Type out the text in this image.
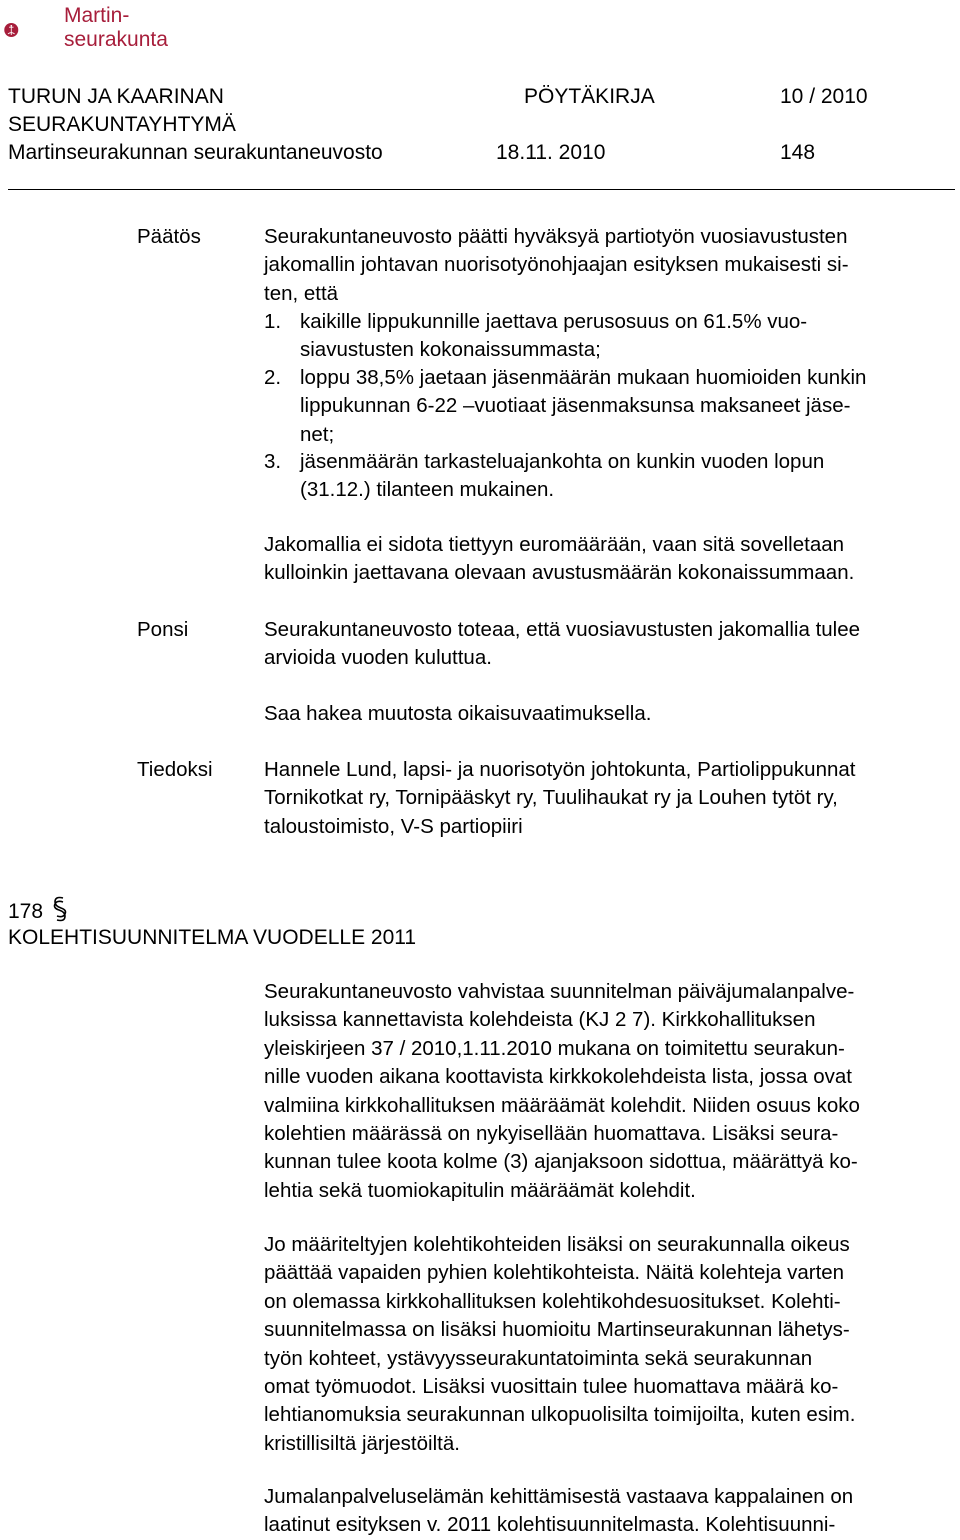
Martin-
seurakunta
TURUN JA KAARINAN	PÖYTÄKIRJA	10 / 2010
SEURAKUNTAYHTYMÄ
Martinseurakunnan seurakuntaneuvosto	18.11. 2010	148
Päätös	Seurakuntaneuvosto päätti hyväksyä partiotyön vuosiavustusten

jakomallin johtavan nuorisotyönohjaajan esityksen mukaisesti si-

ten, että

1. kaikille lippukunnille jaettava perusosuus on 61.5% vuo-

siavustusten kokonaissummasta;

2. loppu 38,5% jaetaan jäsenmäärän mukaan huomioiden kunkin

lippukunnan 6-22 –vuotiaat jäsenmaksunsa maksaneet jäse-

net;

3. jäsenmäärän tarkasteluajankohta on kunkin vuoden lopun

(31.12.) tilanteen mukainen.

Jakomallia ei sidota tiettyyn euromäärään, vaan sitä sovelletaan

kulloinkin jaettavana olevaan avustusmäärän kokonaissummaan.

Ponsi	Seurakuntaneuvosto toteaa, että vuosiavustusten jakomallia tulee

arvioida vuoden kuluttua.

Saa hakea muutosta oikaisuvaatimuksella.

Tiedoksi	Hannele Lund, lapsi- ja nuorisotyön johtokunta, Partiolippukunnat

Tornikotkat ry, Tornipääskyt ry, Tuulihaukat ry ja Louhen tytöt ry,

taloustoimisto, V-S partiopiiri

178
KOLEHTISUUNNITELMA VUODELLE 2011

Seurakuntaneuvosto vahvistaa suunnitelman päiväjumalanpalve-

luksissa kannettavista kolehdeista (KJ 2 7). Kirkkohallituksen

yleiskirjeen 37 / 2010,1.11.2010 mukana on toimitettu seurakun-

nille vuoden aikana koottavista kirkkokolehdeista lista, jossa ovat

valmiina kirkkohallituksen määräämät kolehdit. Niiden osuus koko

kolehtien määrässä on nykyisellään huomattava. Lisäksi seura-

kunnan tulee koota kolme (3) ajanjaksoon sidottua, määrättyä ko-

lehtia sekä tuomiokapitulin määräämät kolehdit.

Jo määriteltyjen kolehtikohteiden lisäksi on seurakunnalla oikeus

päättää vapaiden pyhien kolehtikohteista. Näitä kolehteja varten

on olemassa kirkkohallituksen kolehtikohdesuositukset. Kolehti-

suunnitelmassa on lisäksi huomioitu Martinseurakunnan lähetys-

työn kohteet, ystävyysseurakuntatoiminta sekä seurakunnan

omat työmuodot. Lisäksi vuosittain tulee huomattava määrä ko-

lehtianomuksia seurakunnan ulkopuolisilta toimijoilta, kuten esim.

kristillisiltä järjestöiltä.

Jumalanpalveluselämän kehittämisestä vastaava kappalainen on

laatinut esityksen v. 2011 kolehtisuunnitelmasta. Kolehtisuunni-
